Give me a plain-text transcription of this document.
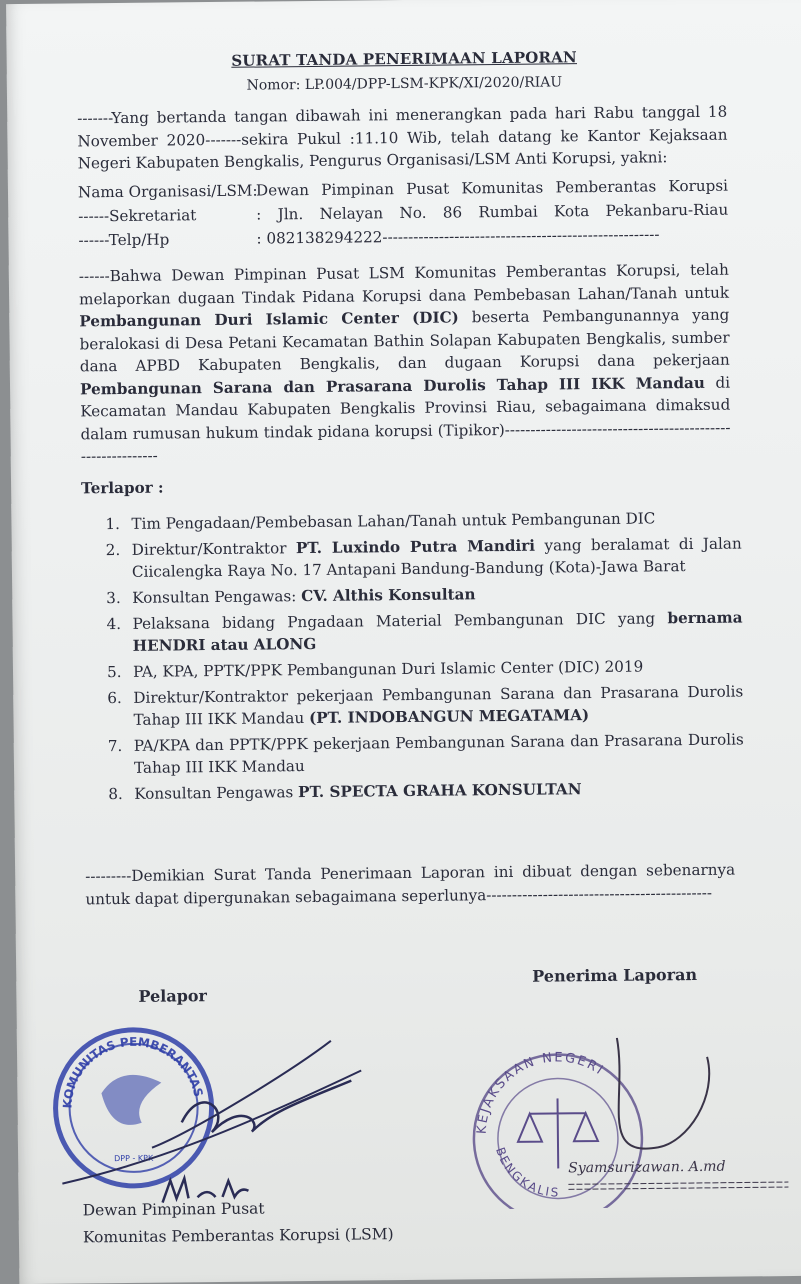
SURAT TANDA PENERIMAAN LAPORAN
Nomor: LP.004/DPP-LSM-KPK/XI/2020/RIAU
-------Yang bertanda tangan dibawah ini menerangkan pada hari Rabu tanggal 18 November 2020-------sekira Pukul :11.10 Wib, telah datang ke Kantor Kejaksaan Negeri Kabupaten Bengkalis, Pengurus Organisasi/LSM Anti Korupsi, yakni:
Nama Organisasi/LSM:
Dewan Pimpinan Pusat Komunitas Pemberantas Korupsi
------Sekretariat	: Jln. Nelayan No. 86 Rumbai Kota Pekanbaru-Riau
------Telp/Hp	: 082138294222------------------------------------------------------
------Bahwa Dewan Pimpinan Pusat LSM Komunitas Pemberantas Korupsi, telah melaporkan dugaan Tindak Pidana Korupsi dana Pembebasan Lahan/Tanah untuk Pembangunan Duri Islamic Center (DIC) beserta Pembangunannya yang beralokasi di Desa Petani Kecamatan Bathin Solapan Kabupaten Bengkalis, sumber dana APBD Kabupaten Bengkalis, dan dugaan Korupsi dana pekerjaan Pembangunan Sarana dan Prasarana Durolis Tahap III IKK Mandau di Kecamatan Mandau Kabupaten Bengkalis Provinsi Riau, sebagaimana dimaksud dalam rumusan hukum tindak pidana korupsi (Tipikor)-----------------------------------------------------------
Terlapor :
1. Tim Pengadaan/Pembebasan Lahan/Tanah untuk Pembangunan DIC
2. Direktur/Kontraktor PT. Luxindo Putra Mandiri yang beralamat di Jalan Ciicalengka Raya No. 17 Antapani Bandung-Bandung (Kota)-Jawa Barat
3. Konsultan Pengawas: CV. Althis Konsultan
4. Pelaksana bidang Pngadaan Material Pembangunan DIC yang bernama HENDRI atau ALONG
5. PA, KPA, PPTK/PPK Pembangunan Duri Islamic Center (DIC) 2019
6. Direktur/Kontraktor pekerjaan Pembangunan Sarana dan Prasarana Durolis Tahap III IKK Mandau (PT. INDOBANGUN MEGATAMA)
7. PA/KPA dan PPTK/PPK pekerjaan Pembangunan Sarana dan Prasarana Durolis Tahap III IKK Mandau
8. Konsultan Pengawas PT. SPECTA GRAHA KONSULTAN
---------Demikian Surat Tanda Penerimaan Laporan ini dibuat dengan sebenarnya untuk dapat dipergunakan sebagaimana seperlunya--------------------------------------------
Pelapor
Penerima Laporan
KOMUNITAS PEMBERANTAS
DPP - KPK
KEJAKSAAN NEGERI
BENGKALIS
Syamsurizawan. A.md
Dewan Pimpinan Pusat
Komunitas Pemberantas Korupsi (LSM)
